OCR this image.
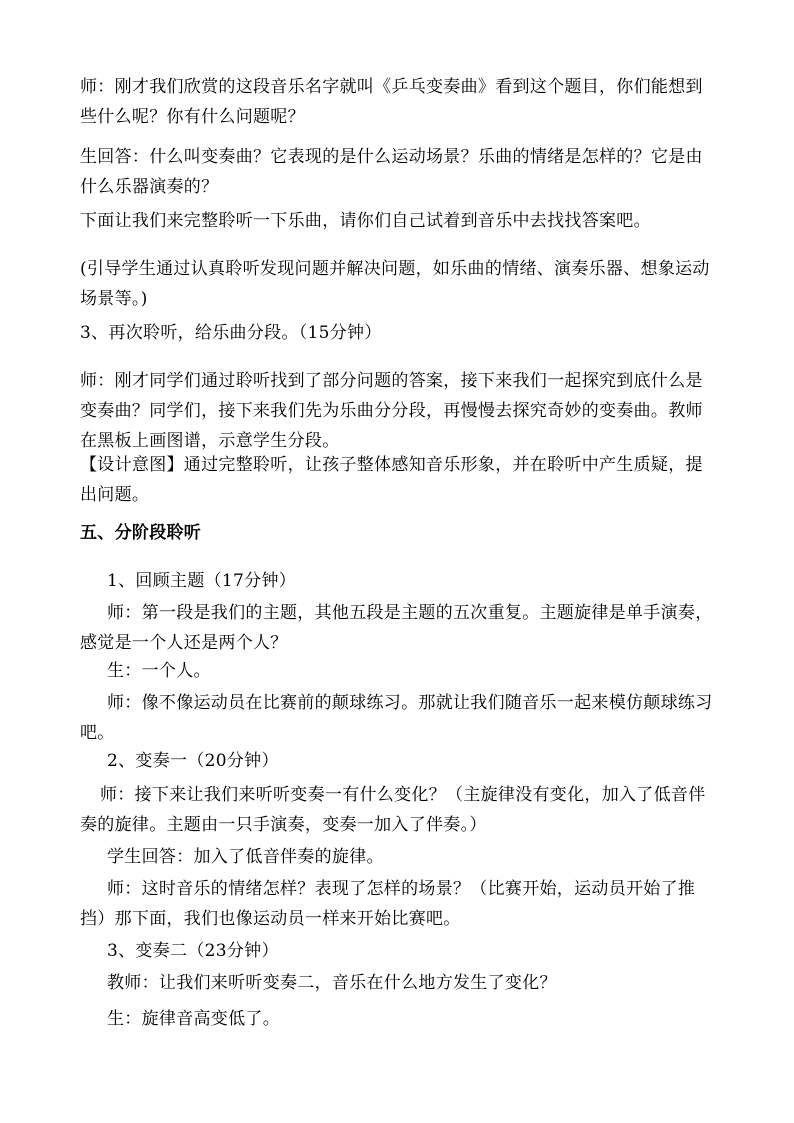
师：刚才我们欣赏的这段音乐名字就叫《乒乓变奏曲》看到这个题目，你们能想到些什么呢？你有什么问题呢？

生回答：什么叫变奏曲？它表现的是什么运动场景？乐曲的情绪是怎样的？它是由什么乐器演奏的？

下面让我们来完整聆听一下乐曲，请你们自己试着到音乐中去找找答案吧。

(引导学生通过认真聆听发现问题并解决问题，如乐曲的情绪、演奏乐器、想象运动场景等。)

3、再次聆听，给乐曲分段。（15分钟）

师：刚才同学们通过聆听找到了部分问题的答案，接下来我们一起探究到底什么是变奏曲？同学们，接下来我们先为乐曲分分段，再慢慢去探究奇妙的变奏曲。教师在黑板上画图谱，示意学生分段。

【设计意图】通过完整聆听，让孩子整体感知音乐形象，并在聆听中产生质疑，提出问题。

五、分阶段聆听

1、回顾主题（17分钟）

师：第一段是我们的主题，其他五段是主题的五次重复。主题旋律是单手演奏，感觉是一个人还是两个人？

生：一个人。

师：像不像运动员在比赛前的颠球练习。那就让我们随音乐一起来模仿颠球练习吧。

2、变奏一（20分钟）

师：接下来让我们来听听变奏一有什么变化？（主旋律没有变化，加入了低音伴奏的旋律。主题由一只手演奏，变奏一加入了伴奏。）

学生回答：加入了低音伴奏的旋律。

师：这时音乐的情绪怎样？表现了怎样的场景？（比赛开始，运动员开始了推挡）那下面，我们也像运动员一样来开始比赛吧。

3、变奏二（23分钟）

教师：让我们来听听变奏二，音乐在什么地方发生了变化？

生：旋律音高变低了。
